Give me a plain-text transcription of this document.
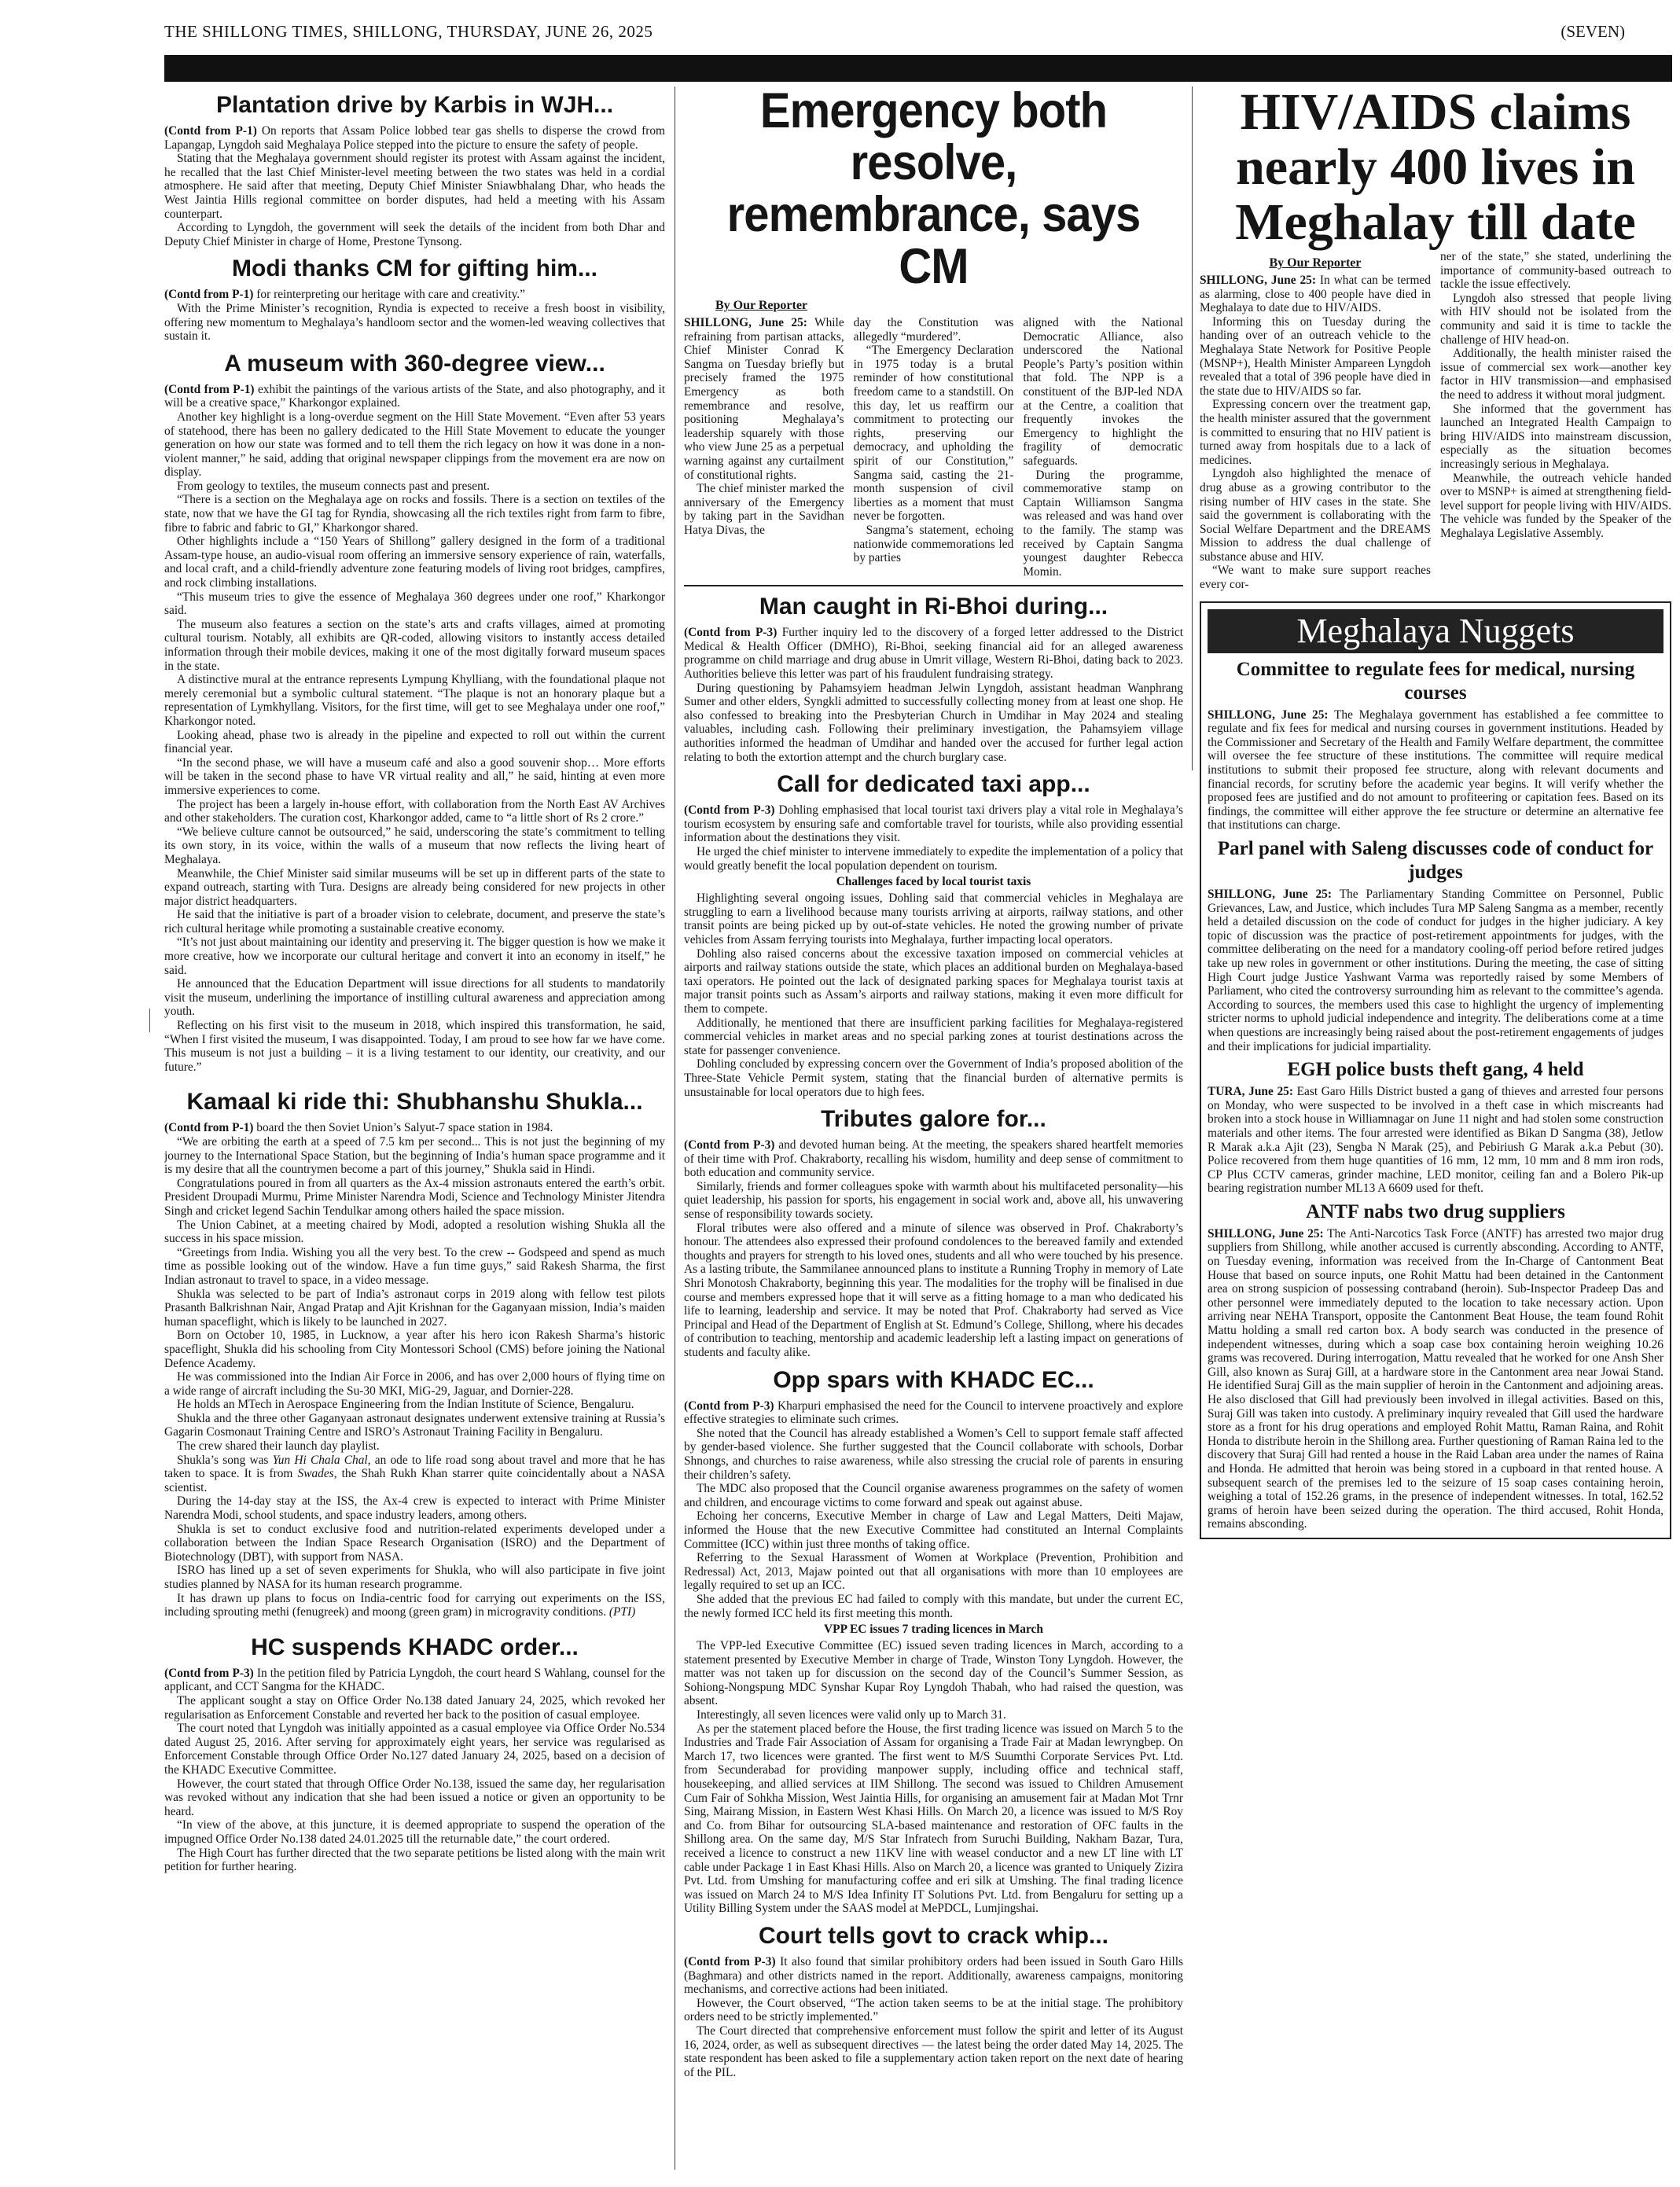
THE SHILLONG TIMES, SHILLONG, THURSDAY, JUNE 26, 2025	(SEVEN)
Plantation drive by Karbis in WJH...

(Contd from P-1) On reports that Assam Police lobbed tear gas shells to disperse the crowd from Lapangap, Lyngdoh said Meghalaya Police stepped into the picture to ensure the safety of people.

Stating that the Meghalaya government should register its protest with Assam against the incident, he recalled that the last Chief Minister-level meeting between the two states was held in a cordial atmosphere. He said after that meeting, Deputy Chief Minister Sniawbhalang Dhar, who heads the West Jaintia Hills regional committee on border disputes, had held a meeting with his Assam counterpart.

According to Lyngdoh, the government will seek the details of the incident from both Dhar and Deputy Chief Minister in charge of Home, Prestone Tynsong.

Modi thanks CM for gifting him...

(Contd from P-1) for reinterpreting our heritage with care and creativity.”

With the Prime Minister’s recognition, Ryndia is expected to receive a fresh boost in visibility, offering new momentum to Meghalaya’s handloom sector and the women-led weaving collectives that sustain it.

A museum with 360-degree view...

(Contd from P-1) exhibit the paintings of the various artists of the State, and also photography, and it will be a creative space,” Kharkongor explained.

Another key highlight is a long-overdue segment on the Hill State Movement. “Even after 53 years of statehood, there has been no gallery dedicated to the Hill State Movement to educate the younger generation on how our state was formed and to tell them the rich legacy on how it was done in a non-violent manner,” he said, adding that original newspaper clippings from the movement era are now on display.

From geology to textiles, the museum connects past and present.

“There is a section on the Meghalaya age on rocks and fossils. There is a section on textiles of the state, now that we have the GI tag for Ryndia, showcasing all the rich textiles right from farm to fibre, fibre to fabric and fabric to GI,” Kharkongor shared.

Other highlights include a “150 Years of Shillong” gallery designed in the form of a traditional Assam-type house, an audio-visual room offering an immersive sensory experience of rain, waterfalls, and local craft, and a child-friendly adventure zone featuring models of living root bridges, campfires, and rock climbing installations.

“This museum tries to give the essence of Meghalaya 360 degrees under one roof,” Kharkongor said.

The museum also features a section on the state’s arts and crafts villages, aimed at promoting cultural tourism. Notably, all exhibits are QR-coded, allowing visitors to instantly access detailed information through their mobile devices, making it one of the most digitally forward museum spaces in the state.

A distinctive mural at the entrance represents Lympung Khylliang, with the foundational plaque not merely ceremonial but a symbolic cultural statement. “The plaque is not an honorary plaque but a representation of Lymkhyllang. Visitors, for the first time, will get to see Meghalaya under one roof,” Kharkongor noted.

Looking ahead, phase two is already in the pipeline and expected to roll out within the current financial year.

“In the second phase, we will have a museum café and also a good souvenir shop… More efforts will be taken in the second phase to have VR virtual reality and all,” he said, hinting at even more immersive experiences to come.

The project has been a largely in-house effort, with collaboration from the North East AV Archives and other stakeholders. The curation cost, Kharkongor added, came to “a little short of Rs 2 crore.”

“We believe culture cannot be outsourced,” he said, underscoring the state’s commitment to telling its own story, in its voice, within the walls of a museum that now reflects the living heart of Meghalaya.

Meanwhile, the Chief Minister said similar museums will be set up in different parts of the state to expand outreach, starting with Tura. Designs are already being considered for new projects in other major district headquarters.

He said that the initiative is part of a broader vision to celebrate, document, and preserve the state’s rich cultural heritage while promoting a sustainable creative economy.

“It’s not just about maintaining our identity and preserving it. The bigger question is how we make it more creative, how we incorporate our cultural heritage and convert it into an economy in itself,” he said.

He announced that the Education Department will issue directions for all students to mandatorily visit the museum, underlining the importance of instilling cultural awareness and appreciation among youth.

Reflecting on his first visit to the museum in 2018, which inspired this transformation, he said, “When I first visited the museum, I was disappointed. Today, I am proud to see how far we have come. This museum is not just a building – it is a living testament to our identity, our creativity, and our future.”

Kamaal ki ride thi: Shubhanshu Shukla...

(Contd from P-1) board the then Soviet Union’s Salyut-7 space station in 1984.

“We are orbiting the earth at a speed of 7.5 km per second... This is not just the beginning of my journey to the International Space Station, but the beginning of India’s human space programme and it is my desire that all the countrymen become a part of this journey,” Shukla said in Hindi.

Congratulations poured in from all quarters as the Ax-4 mission astronauts entered the earth’s orbit. President Droupadi Murmu, Prime Minister Narendra Modi, Science and Technology Minister Jitendra Singh and cricket legend Sachin Tendulkar among others hailed the space mission.

The Union Cabinet, at a meeting chaired by Modi, adopted a resolution wishing Shukla all the success in his space mission.

“Greetings from India. Wishing you all the very best. To the crew -- Godspeed and spend as much time as possible looking out of the window. Have a fun time guys,” said Rakesh Sharma, the first Indian astronaut to travel to space, in a video message.

Shukla was selected to be part of India’s astronaut corps in 2019 along with fellow test pilots Prasanth Balkrishnan Nair, Angad Pratap and Ajit Krishnan for the Gaganyaan mission, India’s maiden human spaceflight, which is likely to be launched in 2027.

Born on October 10, 1985, in Lucknow, a year after his hero icon Rakesh Sharma’s historic spaceflight, Shukla did his schooling from City Montessori School (CMS) before joining the National Defence Academy.

He was commissioned into the Indian Air Force in 2006, and has over 2,000 hours of flying time on a wide range of aircraft including the Su-30 MKI, MiG-29, Jaguar, and Dornier-228.

He holds an MTech in Aerospace Engineering from the Indian Institute of Science, Bengaluru.

Shukla and the three other Gaganyaan astronaut designates underwent extensive training at Russia’s Gagarin Cosmonaut Training Centre and ISRO’s Astronaut Training Facility in Bengaluru.

The crew shared their launch day playlist.

Shukla’s song was Yun Hi Chala Chal, an ode to life road song about travel and more that he has taken to space. It is from Swades, the Shah Rukh Khan starrer quite coincidentally about a NASA scientist.

During the 14-day stay at the ISS, the Ax-4 crew is expected to interact with Prime Minister Narendra Modi, school students, and space industry leaders, among others.

Shukla is set to conduct exclusive food and nutrition-related experiments developed under a collaboration between the Indian Space Research Organisation (ISRO) and the Department of Biotechnology (DBT), with support from NASA.

ISRO has lined up a set of seven experiments for Shukla, who will also participate in five joint studies planned by NASA for its human research programme.

It has drawn up plans to focus on India-centric food for carrying out experiments on the ISS, including sprouting methi (fenugreek) and moong (green gram) in microgravity conditions. (PTI)

HC suspends KHADC order...

(Contd from P-3) In the petition filed by Patricia Lyngdoh, the court heard S Wahlang, counsel for the applicant, and CCT Sangma for the KHADC.

The applicant sought a stay on Office Order No.138 dated January 24, 2025, which revoked her regularisation as Enforcement Constable and reverted her back to the position of casual employee.

The court noted that Lyngdoh was initially appointed as a casual employee via Office Order No.534 dated August 25, 2016. After serving for approximately eight years, her service was regularised as Enforcement Constable through Office Order No.127 dated January 24, 2025, based on a decision of the KHADC Executive Committee.

However, the court stated that through Office Order No.138, issued the same day, her regularisation was revoked without any indication that she had been issued a notice or given an opportunity to be heard.

“In view of the above, at this juncture, it is deemed appropriate to suspend the operation of the impugned Office Order No.138 dated 24.01.2025 till the returnable date,” the court ordered.

The High Court has further directed that the two separate petitions be listed along with the main writ petition for further hearing.

Emergency both resolve, remembrance, says CM
By Our Reporter

SHILLONG, June 25: While refraining from partisan attacks, Chief Minister Conrad K Sangma on Tuesday briefly but precisely framed the 1975 Emergency as both remembrance and resolve, positioning Meghalaya’s leadership squarely with those who view June 25 as a perpetual warning against any curtailment of constitutional rights.

The chief minister marked the anniversary of the Emergency by taking part in the Savidhan Hatya Divas, the

day the Constitution was allegedly “murdered”.

“The Emergency Declaration in 1975 today is a brutal reminder of how constitutional freedom came to a standstill. On this day, let us reaffirm our commitment to protecting our rights, preserving our democracy, and upholding the spirit of our Constitution,” Sangma said, casting the 21-month suspension of civil liberties as a moment that must never be forgotten.

Sangma’s statement, echoing nationwide commemorations led by parties

aligned with the National Democratic Alliance, also underscored the National People’s Party’s position within that fold. The NPP is a constituent of the BJP-led NDA at the Centre, a coalition that frequently invokes the Emergency to highlight the fragility of democratic safeguards.

During the programme, commemorative stamp on Captain Williamson Sangma was released and was hand over to the family. The stamp was received by Captain Sangma youngest daughter Rebecca Momin.

Man caught in Ri-Bhoi during...

(Contd from P-3) Further inquiry led to the discovery of a forged letter addressed to the District Medical & Health Officer (DMHO), Ri-Bhoi, seeking financial aid for an alleged awareness programme on child marriage and drug abuse in Umrit village, Western Ri-Bhoi, dating back to 2023. Authorities believe this letter was part of his fraudulent fundraising strategy.

During questioning by Pahamsyiem headman Jelwin Lyngdoh, assistant headman Wanphrang Sumer and other elders, Syngkli admitted to successfully collecting money from at least one shop. He also confessed to breaking into the Presbyterian Church in Umdihar in May 2024 and stealing valuables, including cash. Following their preliminary investigation, the Pahamsyiem village authorities informed the headman of Umdihar and handed over the accused for further legal action relating to both the extortion attempt and the church burglary case.

Call for dedicated taxi app...

(Contd from P-3) Dohling emphasised that local tourist taxi drivers play a vital role in Meghalaya’s tourism ecosystem by ensuring safe and comfortable travel for tourists, while also providing essential information about the destinations they visit.

He urged the chief minister to intervene immediately to expedite the implementation of a policy that would greatly benefit the local population dependent on tourism.

Challenges faced by local tourist taxis

Highlighting several ongoing issues, Dohling said that commercial vehicles in Meghalaya are struggling to earn a livelihood because many tourists arriving at airports, railway stations, and other transit points are being picked up by out-of-state vehicles. He noted the growing number of private vehicles from Assam ferrying tourists into Meghalaya, further impacting local operators.

Dohling also raised concerns about the excessive taxation imposed on commercial vehicles at airports and railway stations outside the state, which places an additional burden on Meghalaya-based taxi operators. He pointed out the lack of designated parking spaces for Meghalaya tourist taxis at major transit points such as Assam’s airports and railway stations, making it even more difficult for them to compete.

Additionally, he mentioned that there are insufficient parking facilities for Meghalaya-registered commercial vehicles in market areas and no special parking zones at tourist destinations across the state for passenger convenience.

Dohling concluded by expressing concern over the Government of India’s proposed abolition of the Three-State Vehicle Permit system, stating that the financial burden of alternative permits is unsustainable for local operators due to high fees.

Tributes galore for...

(Contd from P-3) and devoted human being. At the meeting, the speakers shared heartfelt memories of their time with Prof. Chakraborty, recalling his wisdom, humility and deep sense of commitment to both education and community service.

Similarly, friends and former colleagues spoke with warmth about his multifaceted personality—his quiet leadership, his passion for sports, his engagement in social work and, above all, his unwavering sense of responsibility towards society.

Floral tributes were also offered and a minute of silence was observed in Prof. Chakraborty’s honour. The attendees also expressed their profound condolences to the bereaved family and extended thoughts and prayers for strength to his loved ones, students and all who were touched by his presence. As a lasting tribute, the Sammilanee announced plans to institute a Running Trophy in memory of Late Shri Monotosh Chakraborty, beginning this year. The modalities for the trophy will be finalised in due course and members expressed hope that it will serve as a fitting homage to a man who dedicated his life to learning, leadership and service. It may be noted that Prof. Chakraborty had served as Vice Principal and Head of the Department of English at St. Edmund’s College, Shillong, where his decades of contribution to teaching, mentorship and academic leadership left a lasting impact on generations of students and faculty alike.

Opp spars with KHADC EC...

(Contd from P-3) Kharpuri emphasised the need for the Council to intervene proactively and explore effective strategies to eliminate such crimes.

She noted that the Council has already established a Women’s Cell to support female staff affected by gender-based violence. She further suggested that the Council collaborate with schools, Dorbar Shnongs, and churches to raise awareness, while also stressing the crucial role of parents in ensuring their children’s safety.

The MDC also proposed that the Council organise awareness programmes on the safety of women and children, and encourage victims to come forward and speak out against abuse.

Echoing her concerns, Executive Member in charge of Law and Legal Matters, Deiti Majaw, informed the House that the new Executive Committee had constituted an Internal Complaints Committee (ICC) within just three months of taking office.

Referring to the Sexual Harassment of Women at Workplace (Prevention, Prohibition and Redressal) Act, 2013, Majaw pointed out that all organisations with more than 10 employees are legally required to set up an ICC.

She added that the previous EC had failed to comply with this mandate, but under the current EC, the newly formed ICC held its first meeting this month.

VPP EC issues 7 trading licences in March

The VPP-led Executive Committee (EC) issued seven trading licences in March, according to a statement presented by Executive Member in charge of Trade, Winston Tony Lyngdoh. However, the matter was not taken up for discussion on the second day of the Council’s Summer Session, as Sohiong-Nongspung MDC Synshar Kupar Roy Lyngdoh Thabah, who had raised the question, was absent.

Interestingly, all seven licences were valid only up to March 31.

As per the statement placed before the House, the first trading licence was issued on March 5 to the Industries and Trade Fair Association of Assam for organising a Trade Fair at Madan lewryngbep. On March 17, two licences were granted. The first went to M/S Suumthi Corporate Services Pvt. Ltd. from Secunderabad for providing manpower supply, including office and technical staff, housekeeping, and allied services at IIM Shillong. The second was issued to Children Amusement Cum Fair of Sohkha Mission, West Jaintia Hills, for organising an amusement fair at Madan Mot Trnr Sing, Mairang Mission, in Eastern West Khasi Hills. On March 20, a licence was issued to M/S Roy and Co. from Bihar for outsourcing SLA-based maintenance and restoration of OFC faults in the Shillong area. On the same day, M/S Star Infratech from Suruchi Building, Nakham Bazar, Tura, received a licence to construct a new 11KV line with weasel conductor and a new LT line with LT cable under Package 1 in East Khasi Hills. Also on March 20, a licence was granted to Uniquely Zizira Pvt. Ltd. from Umshing for manufacturing coffee and eri silk at Umshing. The final trading licence was issued on March 24 to M/S Idea Infinity IT Solutions Pvt. Ltd. from Bengaluru for setting up a Utility Billing System under the SAAS model at MePDCL, Lumjingshai.

Court tells govt to crack whip...

(Contd from P-3) It also found that similar prohibitory orders had been issued in South Garo Hills (Baghmara) and other districts named in the report. Additionally, awareness campaigns, monitoring mechanisms, and corrective actions had been initiated.

However, the Court observed, “The action taken seems to be at the initial stage. The prohibitory orders need to be strictly implemented.”

The Court directed that comprehensive enforcement must follow the spirit and letter of its August 16, 2024, order, as well as subsequent directives — the latest being the order dated May 14, 2025. The state respondent has been asked to file a supplementary action taken report on the next date of hearing of the PIL.

HIV/AIDS claims nearly 400 lives in Meghalay till date
By Our Reporter

SHILLONG, June 25: In what can be termed as alarming, close to 400 people have died in Meghalaya to date due to HIV/AIDS.

Informing this on Tuesday during the handing over of an outreach vehicle to the Meghalaya State Network for Positive People (MSNP+), Health Minister Ampareen Lyngdoh revealed that a total of 396 people have died in the state due to HIV/AIDS so far.

Expressing concern over the treatment gap, the health minister assured that the government is committed to ensuring that no HIV patient is turned away from hospitals due to a lack of medicines.

Lyngdoh also highlighted the menace of drug abuse as a growing contributor to the rising number of HIV cases in the state. She said the government is collaborating with the Social Welfare Department and the DREAMS Mission to address the dual challenge of substance abuse and HIV.

“We want to make sure support reaches every cor-

ner of the state,” she stated, underlining the importance of community-based outreach to tackle the issue effectively.

Lyngdoh also stressed that people living with HIV should not be isolated from the community and said it is time to tackle the challenge of HIV head-on.

Additionally, the health minister raised the issue of commercial sex work—another key factor in HIV transmission—and emphasised the need to address it without moral judgment.

She informed that the government has launched an Integrated Health Campaign to bring HIV/AIDS into mainstream discussion, especially as the situation becomes increasingly serious in Meghalaya.

Meanwhile, the outreach vehicle handed over to MSNP+ is aimed at strengthening field-level support for people living with HIV/AIDS. The vehicle was funded by the Speaker of the Meghalaya Legislative Assembly.

Meghalaya Nuggets
Committee to regulate fees for medical, nursing courses

SHILLONG, June 25: The Meghalaya government has established a fee committee to regulate and fix fees for medical and nursing courses in government institutions. Headed by the Commissioner and Secretary of the Health and Family Welfare department, the committee will oversee the fee structure of these institutions. The committee will require medical institutions to submit their proposed fee structure, along with relevant documents and financial records, for scrutiny before the academic year begins. It will verify whether the proposed fees are justified and do not amount to profiteering or capitation fees. Based on its findings, the committee will either approve the fee structure or determine an alternative fee that institutions can charge.

Parl panel with Saleng discusses code of conduct for judges

SHILLONG, June 25: The Parliamentary Standing Committee on Personnel, Public Grievances, Law, and Justice, which includes Tura MP Saleng Sangma as a member, recently held a detailed discussion on the code of conduct for judges in the higher judiciary. A key topic of discussion was the practice of post-retirement appointments for judges, with the committee deliberating on the need for a mandatory cooling-off period before retired judges take up new roles in government or other institutions. During the meeting, the case of sitting High Court judge Justice Yashwant Varma was reportedly raised by some Members of Parliament, who cited the controversy surrounding him as relevant to the committee’s agenda. According to sources, the members used this case to highlight the urgency of implementing stricter norms to uphold judicial independence and integrity. The deliberations come at a time when questions are increasingly being raised about the post-retirement engagements of judges and their implications for judicial impartiality.

EGH police busts theft gang, 4 held

TURA, June 25: East Garo Hills District busted a gang of thieves and arrested four persons on Monday, who were suspected to be involved in a theft case in which miscreants had broken into a stock house in Williamnagar on June 11 night and had stolen some construction materials and other items. The four arrested were identified as Bikan D Sangma (38), Jetlow R Marak a.k.a Ajit (23), Sengba N Marak (25), and Pebiriush G Marak a.k.a Pebut (30). Police recovered from them huge quantities of 16 mm, 12 mm, 10 mm and 8 mm iron rods, CP Plus CCTV cameras, grinder machine, LED monitor, ceiling fan and a Bolero Pik-up bearing registration number ML13 A 6609 used for theft.

ANTF nabs two drug suppliers

SHILLONG, June 25: The Anti-Narcotics Task Force (ANTF) has arrested two major drug suppliers from Shillong, while another accused is currently absconding. According to ANTF, on Tuesday evening, information was received from the In-Charge of Cantonment Beat House that based on source inputs, one Rohit Mattu had been detained in the Cantonment area on strong suspicion of possessing contraband (heroin). Sub-Inspector Pradeep Das and other personnel were immediately deputed to the location to take necessary action. Upon arriving near NEHA Transport, opposite the Cantonment Beat House, the team found Rohit Mattu holding a small red carton box. A body search was conducted in the presence of independent witnesses, during which a soap case box containing heroin weighing 10.26 grams was recovered. During interrogation, Mattu revealed that he worked for one Ansh Sher Gill, also known as Suraj Gill, at a hardware store in the Cantonment area near Jowai Stand. He identified Suraj Gill as the main supplier of heroin in the Cantonment and adjoining areas. He also disclosed that Gill had previously been involved in illegal activities. Based on this, Suraj Gill was taken into custody. A preliminary inquiry revealed that Gill used the hardware store as a front for his drug operations and employed Rohit Mattu, Raman Raina, and Rohit Honda to distribute heroin in the Shillong area. Further questioning of Raman Raina led to the discovery that Suraj Gill had rented a house in the Raid Laban area under the names of Raina and Honda. He admitted that heroin was being stored in a cupboard in that rented house. A subsequent search of the premises led to the seizure of 15 soap cases containing heroin, weighing a total of 152.26 grams, in the presence of independent witnesses. In total, 162.52 grams of heroin have been seized during the operation. The third accused, Rohit Honda, remains absconding.
